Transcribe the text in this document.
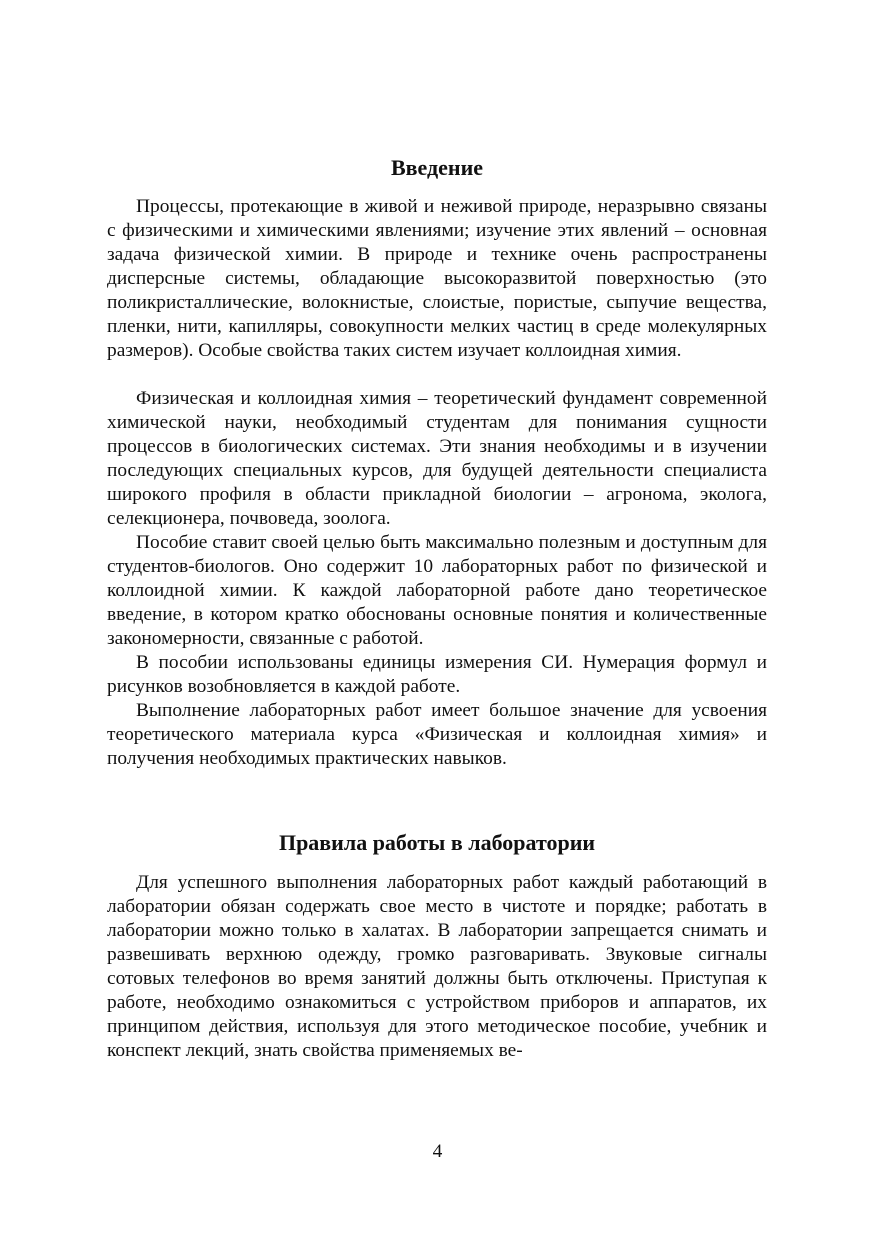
Введение

Процессы, протекающие в живой и неживой природе, неразрывно связаны с физическими и химическими явлениями; изучение этих явлений – основная задача физической химии. В природе и технике очень распространены дисперсные системы, обладающие высокоразвитой поверхностью (это поликристаллические, волокнистые, слоистые, пористые, сыпучие вещества, пленки, нити, капилляры, совокупности мелких частиц в среде молекулярных размеров). Особые свойства таких систем изучает коллоидная химия.

Физическая и коллоидная химия – теоретический фундамент современной химической науки, необходимый студентам для понимания сущности процессов в биологических системах. Эти знания необходимы и в изучении последующих специальных курсов, для будущей деятельности специалиста широкого профиля в области прикладной биологии – агронома, эколога, селекционера, почвоведа, зоолога.

Пособие ставит своей целью быть максимально полезным и доступным для студентов-биологов. Оно содержит 10 лабораторных работ по физической и коллоидной химии. К каждой лабораторной работе дано теоретическое введение, в котором кратко обоснованы основные понятия и количественные закономерности, связанные с работой.

В пособии использованы единицы измерения СИ. Нумерация формул и рисунков возобновляется в каждой работе.

Выполнение лабораторных работ имеет большое значение для усвоения теоретического материала курса «Физическая и коллоидная химия» и получения необходимых практических навыков.

Правила работы в лаборатории

Для успешного выполнения лабораторных работ каждый работающий в лаборатории обязан содержать свое место в чистоте и порядке; работать в лаборатории можно только в халатах. В лаборатории запрещается снимать и развешивать верхнюю одежду, громко разговаривать. Звуковые сигналы сотовых телефонов во время занятий должны быть отключены. Приступая к работе, необходимо ознакомиться с устройством приборов и аппаратов, их принципом действия, используя для этого методическое пособие, учебник и конспект лекций, знать свойства применяемых ве-

4
